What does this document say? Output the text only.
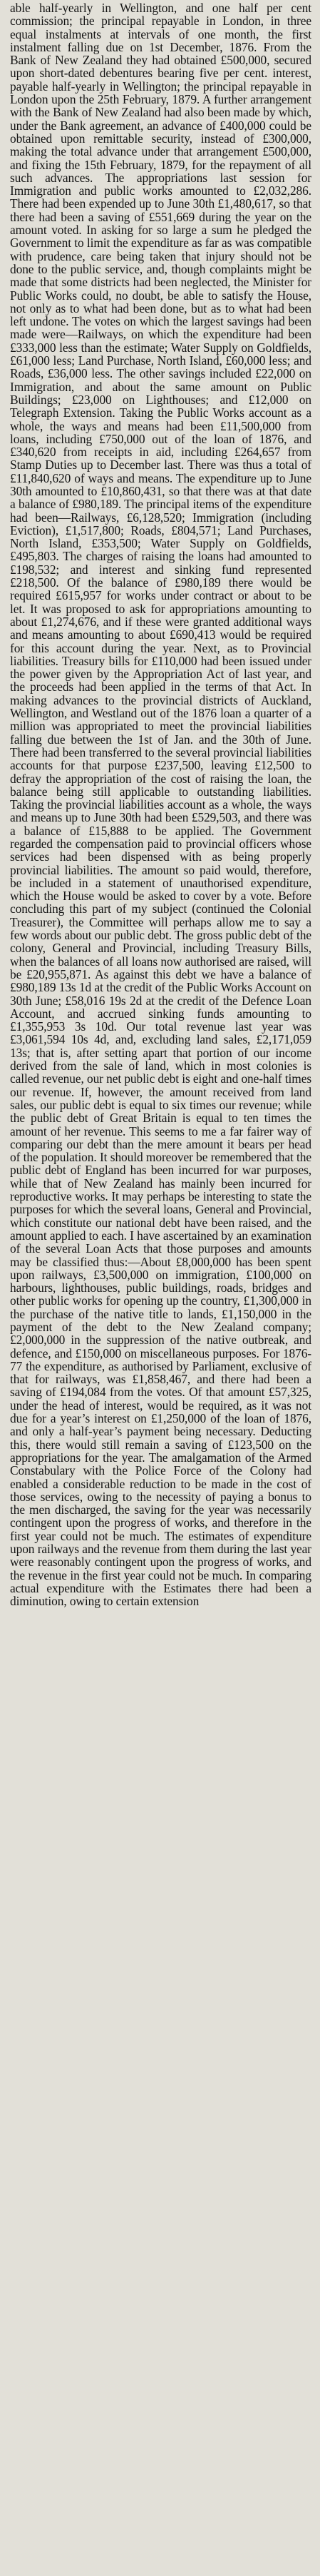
able half-yearly in Wellington, and one half per cent commission; the principal repayable in London, in three equal instalments at intervals of one month, the first instalment falling due on 1st December, 1876. From the Bank of New Zealand they had obtained £500,000, secured upon short-dated debentures bearing five per cent. interest, payable half-yearly in Wellington; the principal repayable in London upon the 25th February, 1879. A further arrangement with the Bank of New Zealand had also been made by which, under the Bank agreement, an advance of £400,000 could be obtained upon remittable security, instead of £300,000, making the total advance under that arrangement £500,000, and fixing the 15th February, 1879, for the repayment of all such advances. The appropriations last session for Immigration and public works amounted to £2,032,286. There had been expended up to June 30th £1,480,617, so that there had been a saving of £551,669 during the year on the amount voted. In asking for so large a sum he pledged the Government to limit the expenditure as far as was compatible with prudence, care being taken that injury should not be done to the public service, and, though complaints might be made that some districts had been neglected, the Minister for Public Works could, no doubt, be able to satisfy the House, not only as to what had been done, but as to what had been left undone. The votes on which the largest savings had been made were—Railways, on which the expenditure had been £333,000 less than the estimate; Water Supply on Goldfields, £61,000 less; Land Purchase, North Island, £60,000 less; and Roads, £36,000 less. The other savings included £22,000 on Immigration, and about the same amount on Public Buildings; £23,000 on Lighthouses; and £12,000 on Telegraph Extension. Taking the Public Works account as a whole, the ways and means had been £11,500,000 from loans, including £750,000 out of the loan of 1876, and £340,620 from receipts in aid, including £264,657 from Stamp Duties up to December last. There was thus a total of £11,840,620 of ways and means. The expenditure up to June 30th amounted to £10,860,431, so that there was at that date a balance of £980,189. The principal items of the expenditure had been—Railways, £6,128,520; Immigration (including Eviction), £1,517,800; Roads, £804,571; Land Purchases, North Island, £353,500; Water Supply on Goldfields, £495,803. The charges of raising the loans had amounted to £198,532; and interest and sinking fund represented £218,500. Of the balance of £980,189 there would be required £615,957 for works under contract or about to be let. It was proposed to ask for appropriations amounting to about £1,274,676, and if these were granted additional ways and means amounting to about £690,413 would be required for this account during the year. Next, as to Provincial liabilities. Treasury bills for £110,000 had been issued under the power given by the Appropriation Act of last year, and the proceeds had been applied in the terms of that Act. In making advances to the provincial districts of Auckland, Wellington, and Westland out of the 1876 loan a quarter of a million was appropriated to meet the provincial liabilities falling due between the 1st of Jan. and the 30th of June. There had been transferred to the several provincial liabilities accounts for that purpose £237,500, leaving £12,500 to defray the appropriation of the cost of raising the loan, the balance being still applicable to outstanding liabilities. Taking the provincial liabilities account as a whole, the ways and means up to June 30th had been £529,503, and there was a balance of £15,888 to be applied. The Government regarded the compensation paid to provincial officers whose services had been dispensed with as being properly provincial liabilities. The amount so paid would, therefore, be included in a statement of unauthorised expenditure, which the House would be asked to cover by a vote. Before concluding this part of my subject (continued the Colonial Treasurer), the Committee will perhaps allow me to say a few words about our public debt. The gross public debt of the colony, General and Provincial, including Treasury Bills, when the balances of all loans now authorised are raised, will be £20,955,871. As against this debt we have a balance of £980,189 13s 1d at the credit of the Public Works Account on 30th June; £58,016 19s 2d at the credit of the Defence Loan Account, and accrued sinking funds amounting to £1,355,953 3s 10d. Our total revenue last year was £3,061,594 10s 4d, and, excluding land sales, £2,171,059 13s; that is, after setting apart that portion of our income derived from the sale of land, which in most colonies is called revenue, our net public debt is eight and one-half times our revenue. If, however, the amount received from land sales, our public debt is equal to six times our revenue; while the public debt of Great Britain is equal to ten times the amount of her revenue. This seems to me a far fairer way of comparing our debt than the mere amount it bears per head of the population. It should moreover be remembered that the public debt of England has been incurred for war purposes, while that of New Zealand has mainly been incurred for reproductive works. It may perhaps be interesting to state the purposes for which the several loans, General and Provincial, which constitute our national debt have been raised, and the amount applied to each. I have ascertained by an examination of the several Loan Acts that those purposes and amounts may be classified thus:—About £8,000,000 has been spent upon railways, £3,500,000 on immigration, £100,000 on harbours, lighthouses, public buildings, roads, bridges and other public works for opening up the country, £1,300,000 in the purchase of the native title to lands, £1,150,000 in the payment of the debt to the New Zealand company; £2,000,000 in the suppression of the native outbreak, and defence, and £150,000 on miscellaneous purposes. For 1876-77 the expenditure, as authorised by Parliament, exclusive of that for railways, was £1,858,467, and there had been a saving of £194,084 from the votes. Of that amount £57,325, under the head of interest, would be required, as it was not due for a year’s interest on £1,250,000 of the loan of 1876, and only a half-year’s payment being necessary. Deducting this, there would still remain a saving of £123,500 on the appropriations for the year. The amalgamation of the Armed Constabulary with the Police Force of the Colony had enabled a considerable reduction to be made in the cost of those services, owing to the necessity of paying a bonus to the men discharged, the saving for the year was necessarily contingent upon the progress of works, and therefore in the first year could not be much. The estimates of expenditure upon railways and the revenue from them during the last year were reasonably contingent upon the progress of works, and the revenue in the first year could not be much. In comparing actual expenditure with the Estimates there had been a diminution, owing to certain extension
